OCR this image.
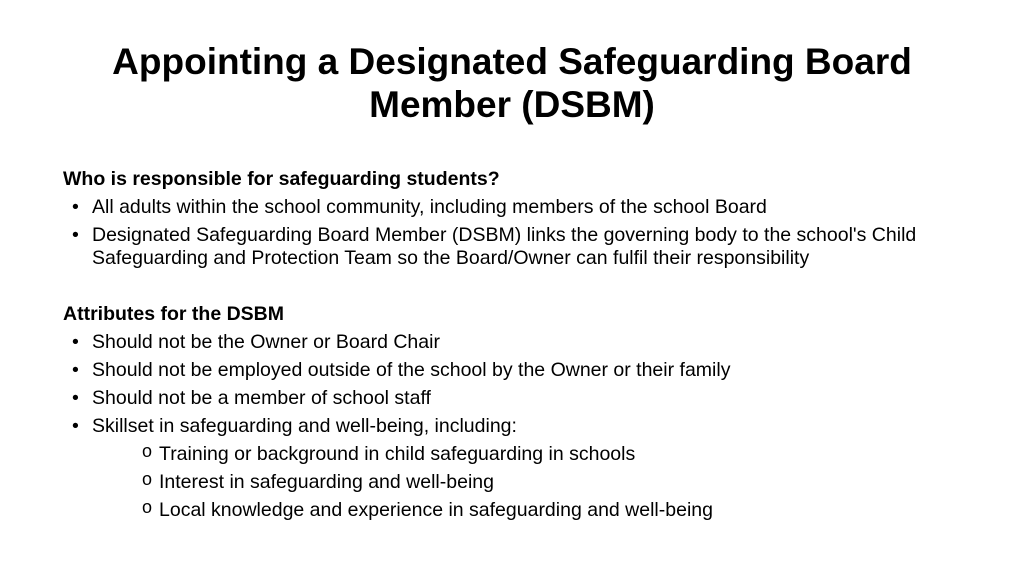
Appointing a Designated Safeguarding Board Member (DSBM)

Who is responsible for safeguarding students?

• All adults within the school community, including members of the school Board
• Designated Safeguarding Board Member (DSBM) links the governing body to the school's Child Safeguarding and Protection Team so the Board/Owner can fulfil their responsibility

Attributes for the DSBM

• Should not be the Owner or Board Chair
• Should not be employed outside of the school by the Owner or their family
• Should not be a member of school staff
• Skillset in safeguarding and well-being, including:
o Training or background in child safeguarding in schools
o Interest in safeguarding and well-being
o Local knowledge and experience in safeguarding and well-being
